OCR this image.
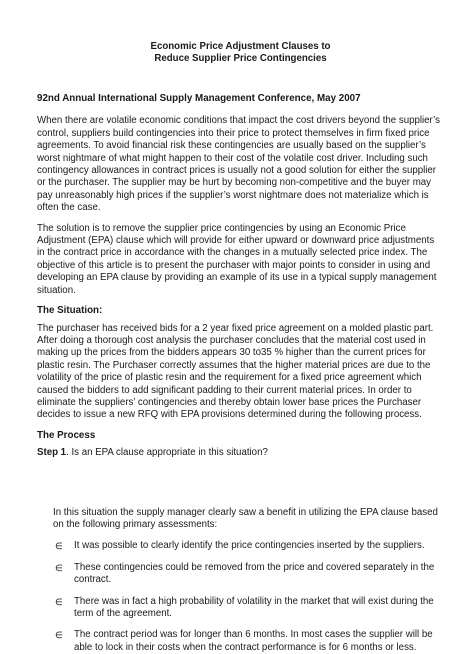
Economic Price Adjustment Clauses to

Reduce Supplier Price Contingencies

92nd Annual International Supply Management Conference, May 2007

When there are volatile economic conditions that impact the cost drivers beyond the supplier’s control, suppliers build contingencies into their price to protect themselves in firm fixed price agreements. To avoid financial risk these contingencies are usually based on the supplier’s worst nightmare of what might happen to their cost of the volatile cost driver. Including such contingency allowances in contract prices is usually not a good solution for either the supplier or the purchaser. The supplier may be hurt by becoming non-competitive and the buyer may pay unreasonably high prices if the supplier’s worst nightmare does not materialize which is often the case.

The solution is to remove the supplier price contingencies by using an Economic Price Adjustment (EPA) clause which will provide for either upward or downward price adjustments in the contract price in accordance with the changes in a mutually selected price index. The objective of this article is to present the purchaser with major points to consider in using and developing an EPA clause by providing an example of its use in a typical supply management situation.

The Situation:

The purchaser has received bids for a 2 year fixed price agreement on a molded plastic part. After doing a thorough cost analysis the purchaser concludes that the material cost used in making up the prices from the bidders appears 30 to35 % higher than the current prices for plastic resin. The Purchaser correctly assumes that the higher material prices are due to the volatility of the price of plastic resin and the requirement for a fixed price agreement which caused the bidders to add significant padding to their current material prices. In order to eliminate the suppliers’ contingencies and thereby obtain lower base prices the Purchaser decides to issue a new RFQ with EPA provisions determined during the following process.

The Process

Step 1. Is an EPA clause appropriate in this situation?

In this situation the supply manager clearly saw a benefit in utilizing the EPA clause based on the following primary assessments:

∈ It was possible to clearly identify the price contingencies inserted by the suppliers.
∈ These contingencies could be removed from the price and covered separately in the contract.
∈ There was in fact a high probability of volatility in the market that will exist during the term of the agreement.
∈ The contract period was for longer than 6 months. In most cases the supplier will be able to lock in their costs when the contract performance is for 6 months or less.
